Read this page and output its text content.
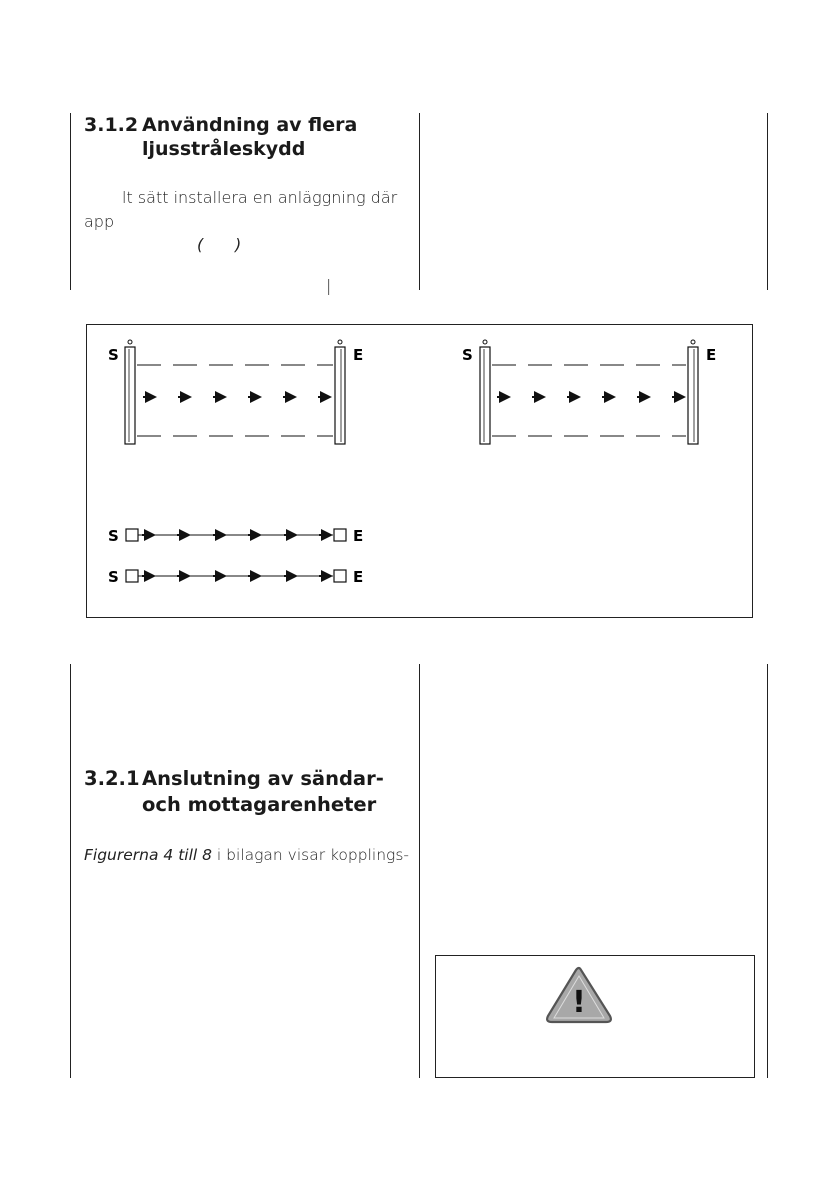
3.1.2 Användning av flera
ljusstråleskydd
lt sätt installera en anläggning där
app
( )
|
S	E	S	E
S	E
S	E
3.2.1 Anslutning av sändar-
och mottagarenheter
Figurerna 4 till 8 i bilagan visar kopplings-
!
